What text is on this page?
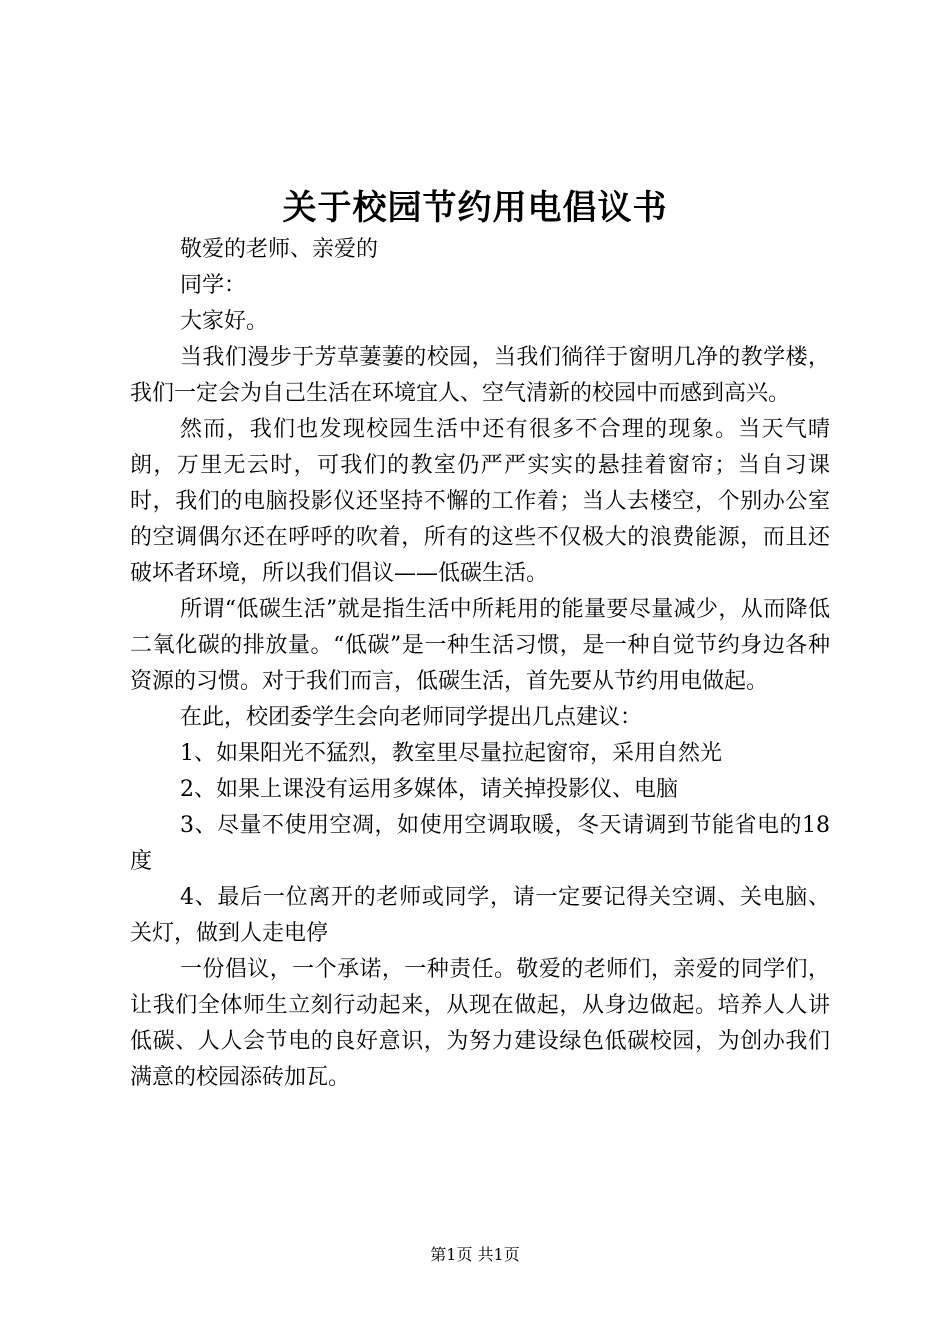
关于校园节约用电倡议书

敬爱的老师、亲爱的

同学：

大家好。

当我们漫步于芳草萋萋的校园，当我们徜徉于窗明几净的教学楼，我们一定会为自己生活在环境宜人、空气清新的校园中而感到高兴。

然而，我们也发现校园生活中还有很多不合理的现象。当天气晴朗，万里无云时，可我们的教室仍严严实实的悬挂着窗帘；当自习课时，我们的电脑投影仪还坚持不懈的工作着；当人去楼空，个别办公室的空调偶尔还在呼呼的吹着，所有的这些不仅极大的浪费能源，而且还破坏者环境，所以我们倡议——低碳生活。

所谓“低碳生活”就是指生活中所耗用的能量要尽量减少，从而降低二氧化碳的排放量。“低碳”是一种生活习惯，是一种自觉节约身边各种资源的习惯。对于我们而言，低碳生活，首先要从节约用电做起。

在此，校团委学生会向老师同学提出几点建议：

1、如果阳光不猛烈，教室里尽量拉起窗帘，采用自然光

2、如果上课没有运用多媒体，请关掉投影仪、电脑

3、尽量不使用空凋，如使用空调取暖，冬天请调到节能省电的18度

4、最后一位离开的老师或同学，请一定要记得关空调、关电脑、关灯，做到人走电停

一份倡议，一个承诺，一种责任。敬爱的老师们，亲爱的同学们，让我们全体师生立刻行动起来，从现在做起，从身边做起。培养人人讲低碳、人人会节电的良好意识，为努力建设绿色低碳校园，为创办我们满意的校园添砖加瓦。

第1页 共1页
